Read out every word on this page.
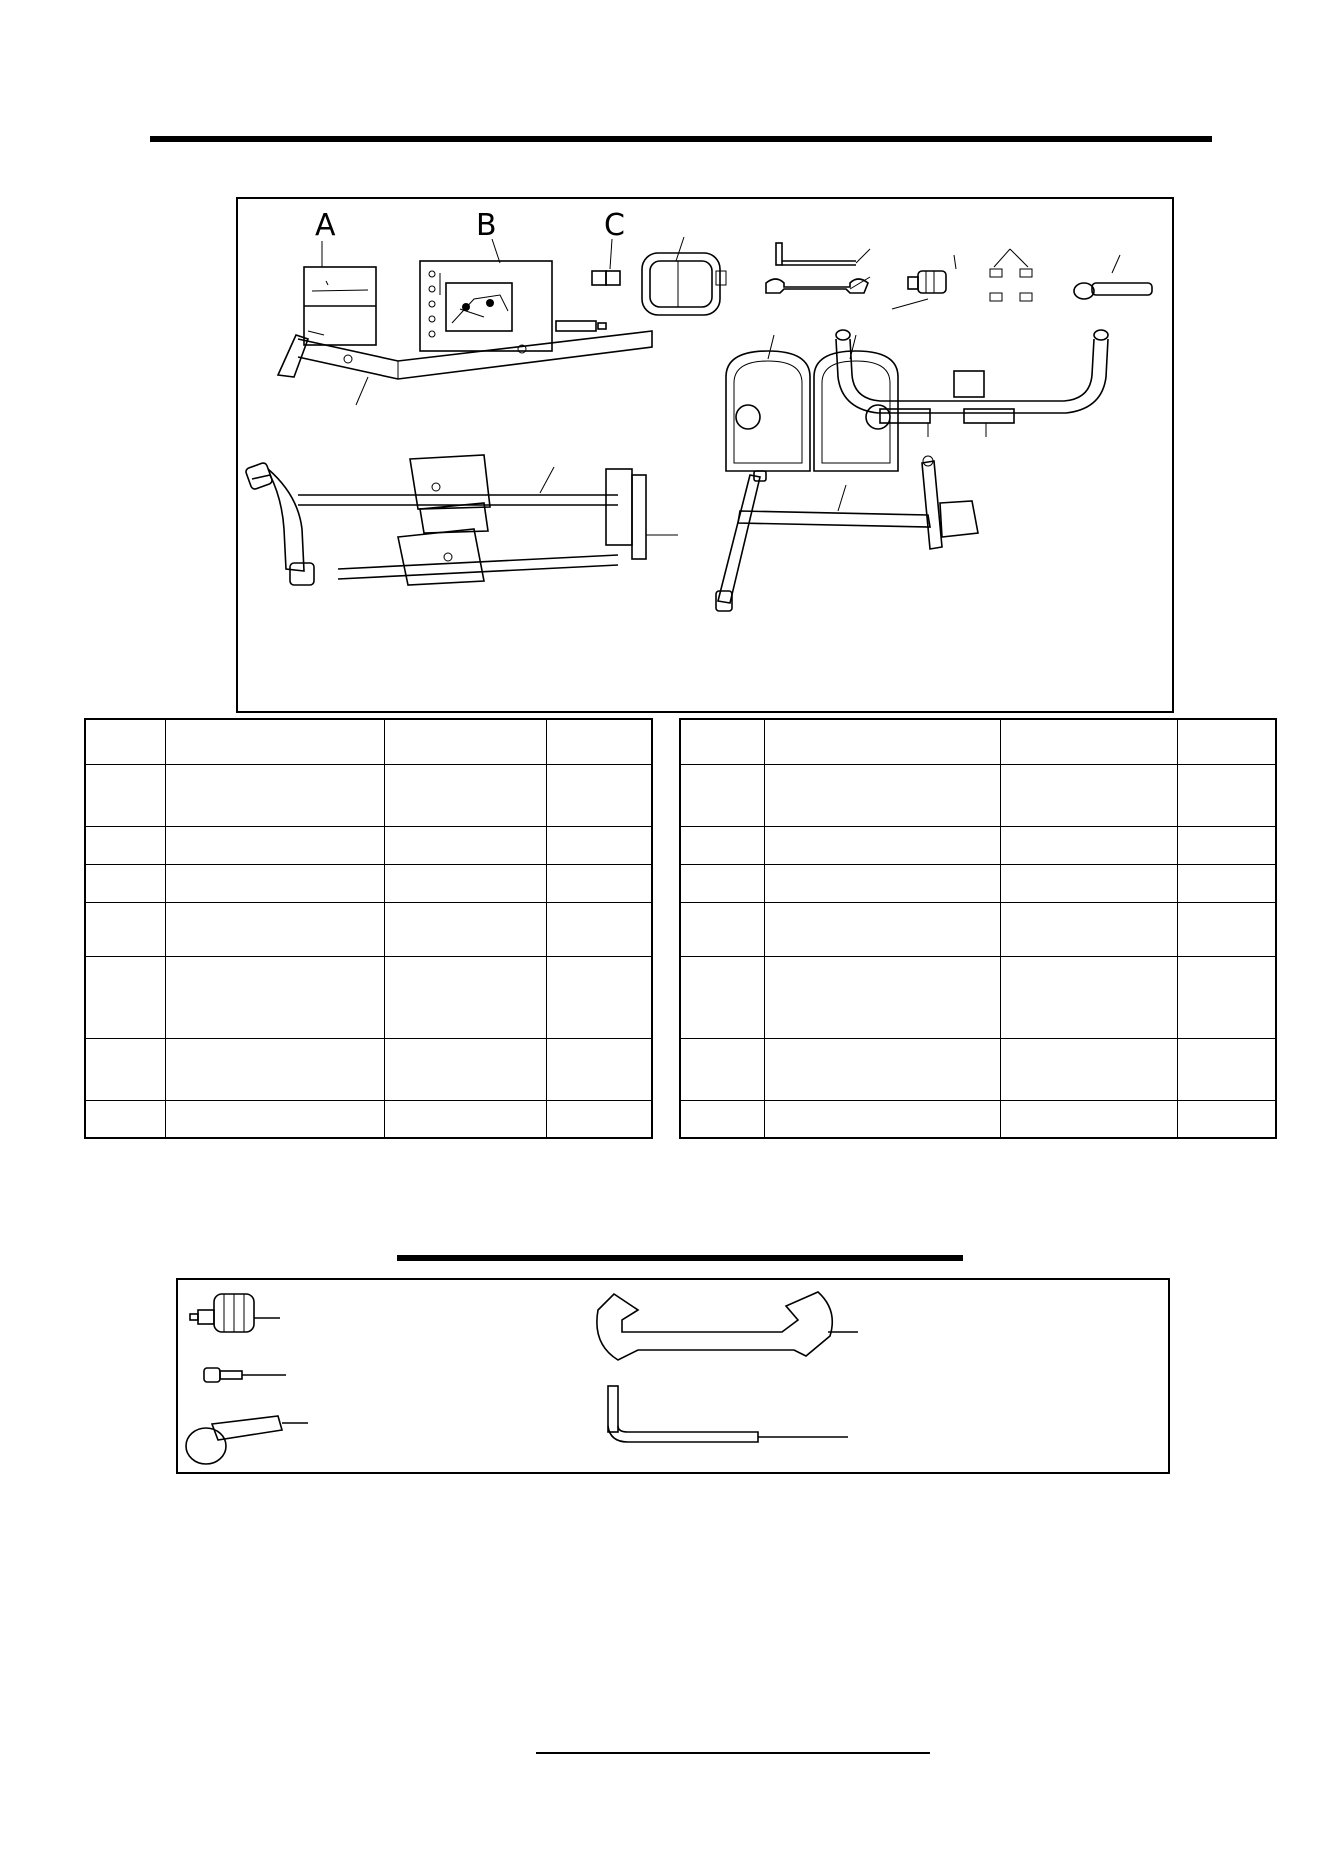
A	B	C
